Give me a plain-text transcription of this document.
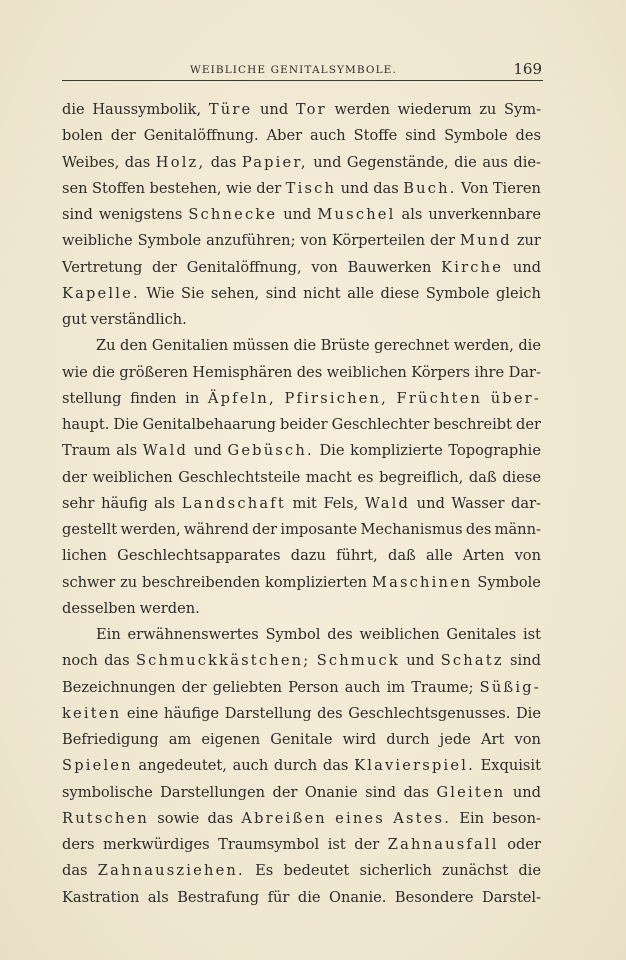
WEIBLICHE GENITALSYMBOLE.	169
die Haussymbolik, Türe und Tor werden wiederum zu Sym-
bolen der Genitalöffnung. Aber auch Stoffe sind Symbole des
Weibes, das Holz, das Papier, und Gegenstände, die aus die-
sen Stoffen bestehen, wie der Tisch und das Buch. Von Tieren
sind wenigstens Schnecke und Muschel als unverkennbare
weibliche Symbole anzuführen; von Körperteilen der Mund zur
Vertretung der Genitalöffnung, von Bauwerken Kirche und
Kapelle. Wie Sie sehen, sind nicht alle diese Symbole gleich
gut verständlich.
Zu den Genitalien müssen die Brüste gerechnet werden, die
wie die größeren Hemisphären des weiblichen Körpers ihre Dar-
stellung finden in Äpfeln, Pfirsichen, Früchten über-
haupt. Die Genitalbehaarung beider Geschlechter beschreibt der
Traum als Wald und Gebüsch. Die komplizierte Topographie
der weiblichen Geschlechtsteile macht es begreiflich, daß diese
sehr häufig als Landschaft mit Fels, Wald und Wasser dar-
gestellt werden, während der imposante Mechanismus des männ-
lichen Geschlechtsapparates dazu führt, daß alle Arten von
schwer zu beschreibenden komplizierten Maschinen Symbole
desselben werden.
Ein erwähnenswertes Symbol des weiblichen Genitales ist
noch das Schmuckkästchen; Schmuck und Schatz sind
Bezeichnungen der geliebten Person auch im Traume; Süßig-
keiten eine häufige Darstellung des Geschlechtsgenusses. Die
Befriedigung am eigenen Genitale wird durch jede Art von
Spielen angedeutet, auch durch das Klavierspiel. Exquisit
symbolische Darstellungen der Onanie sind das Gleiten und
Rutschen sowie das Abreißen eines Astes. Ein beson-
ders merkwürdiges Traumsymbol ist der Zahnausfall oder
das Zahnausziehen. Es bedeutet sicherlich zunächst die
Kastration als Bestrafung für die Onanie. Besondere Darstel-
